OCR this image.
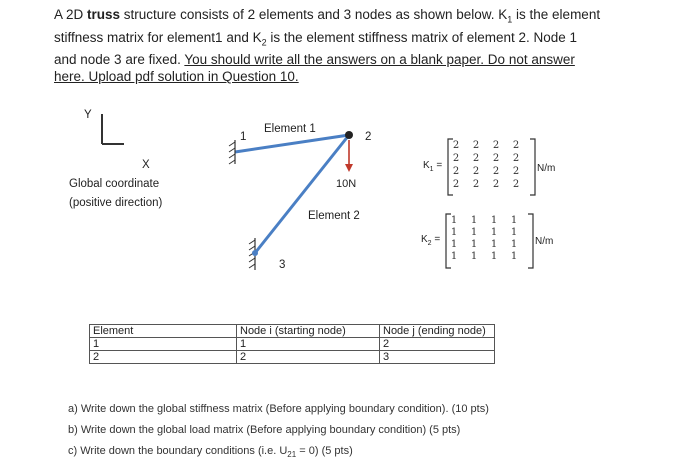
A 2D truss structure consists of 2 elements and 3 nodes as shown below. $K_1$ is the element
stiffness matrix for element1 and $K_2$ is the element stiffness matrix of element 2. Node 1
and node 3 are fixed. You should write all the answers on a blank paper. Do not answer
here. Upload pdf solution in Question 10.
Y
X
Global coordinate
(positive direction)
1	2
3
Element 1
Element 2
10N
$K_1$ =
2 2 2 2
2 2 2 2
2 2 2 2
2 2 2 2
N/m
$K_2$ =
1 1 1 1
1 1 1 1
1 1 1 1
1 1 1 1
N/m
Element	Node i (starting node)	Node j (ending node)
1	1	2
2	2	3
a) Write down the global stiffness matrix (Before applying boundary condition). (10 pts)
b) Write down the global load matrix (Before applying boundary condition) (5 pts)
c) Write down the boundary conditions (i.e. $U_{21} = 0$) (5 pts)
